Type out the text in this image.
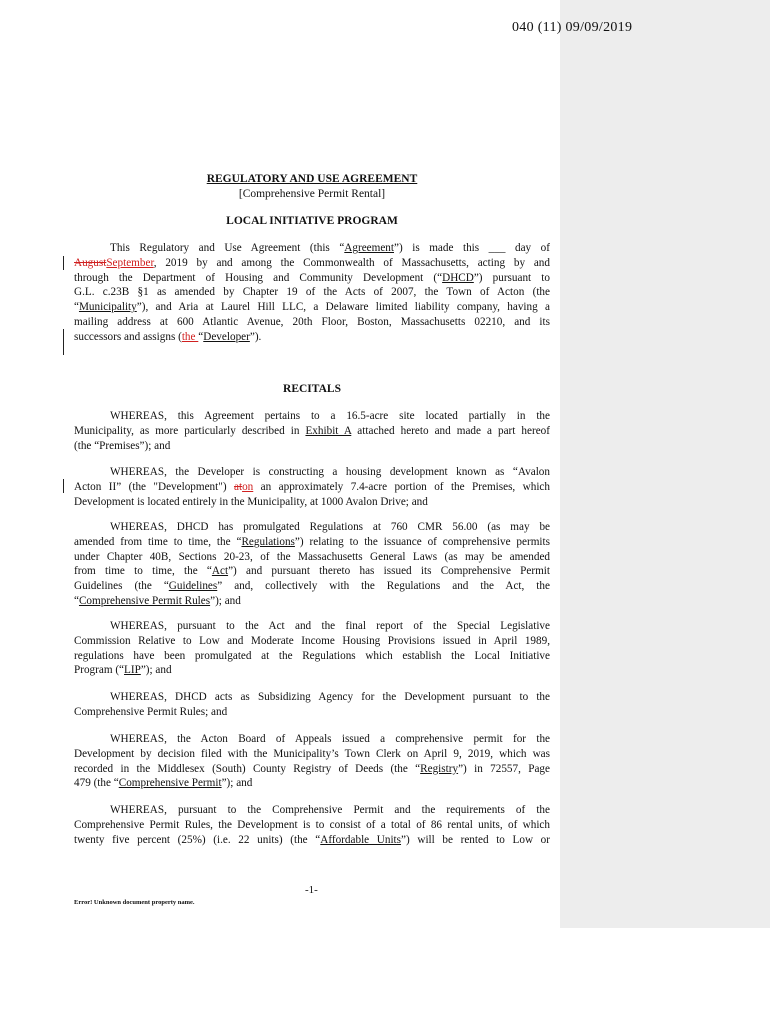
040 (11) 09/09/2019
REGULATORY AND USE AGREEMENT
[Comprehensive Permit Rental]
LOCAL INITIATIVE PROGRAM
This Regulatory and Use Agreement (this “Agreement”) is made this ___ day of
AugustSeptember, 2019 by and among the Commonwealth of Massachusetts, acting by and
through the Department of Housing and Community Development (“DHCD”) pursuant to
G.L. c.23B §1 as amended by Chapter 19 of the Acts of 2007, the Town of Acton (the
“Municipality”), and Aria at Laurel Hill LLC, a Delaware limited liability company, having a
mailing address at 600 Atlantic Avenue, 20th Floor, Boston, Massachusetts 02210, and its
successors and assigns (the “Developer”).
RECITALS
WHEREAS, this Agreement pertains to a 16.5-acre site located partially in the
Municipality, as more particularly described in Exhibit A attached hereto and made a part hereof
(the “Premises”); and
WHEREAS, the Developer is constructing a housing development known as “Avalon
Acton II” (the "Development") aton an approximately 7.4-acre portion of the Premises, which
Development is located entirely in the Municipality, at 1000 Avalon Drive; and
WHEREAS, DHCD has promulgated Regulations at 760 CMR 56.00 (as may be
amended from time to time, the “Regulations”) relating to the issuance of comprehensive permits
under Chapter 40B, Sections 20-23, of the Massachusetts General Laws (as may be amended
from time to time, the “Act”) and pursuant thereto has issued its Comprehensive Permit
Guidelines (the “Guidelines” and, collectively with the Regulations and the Act, the
“Comprehensive Permit Rules”); and
WHEREAS, pursuant to the Act and the final report of the Special Legislative
Commission Relative to Low and Moderate Income Housing Provisions issued in April 1989,
regulations have been promulgated at the Regulations which establish the Local Initiative
Program (“LIP”); and
WHEREAS, DHCD acts as Subsidizing Agency for the Development pursuant to the
Comprehensive Permit Rules; and
WHEREAS, the Acton Board of Appeals issued a comprehensive permit for the
Development by decision filed with the Municipality’s Town Clerk on April 9, 2019, which was
recorded in the Middlesex (South) County Registry of Deeds (the “Registry”) in 72557, Page
479 (the “Comprehensive Permit”); and
WHEREAS, pursuant to the Comprehensive Permit and the requirements of the
Comprehensive Permit Rules, the Development is to consist of a total of 86 rental units, of which
twenty five percent (25%) (i.e. 22 units) (the “Affordable Units”) will be rented to Low or
-1-
Error! Unknown document property name.
